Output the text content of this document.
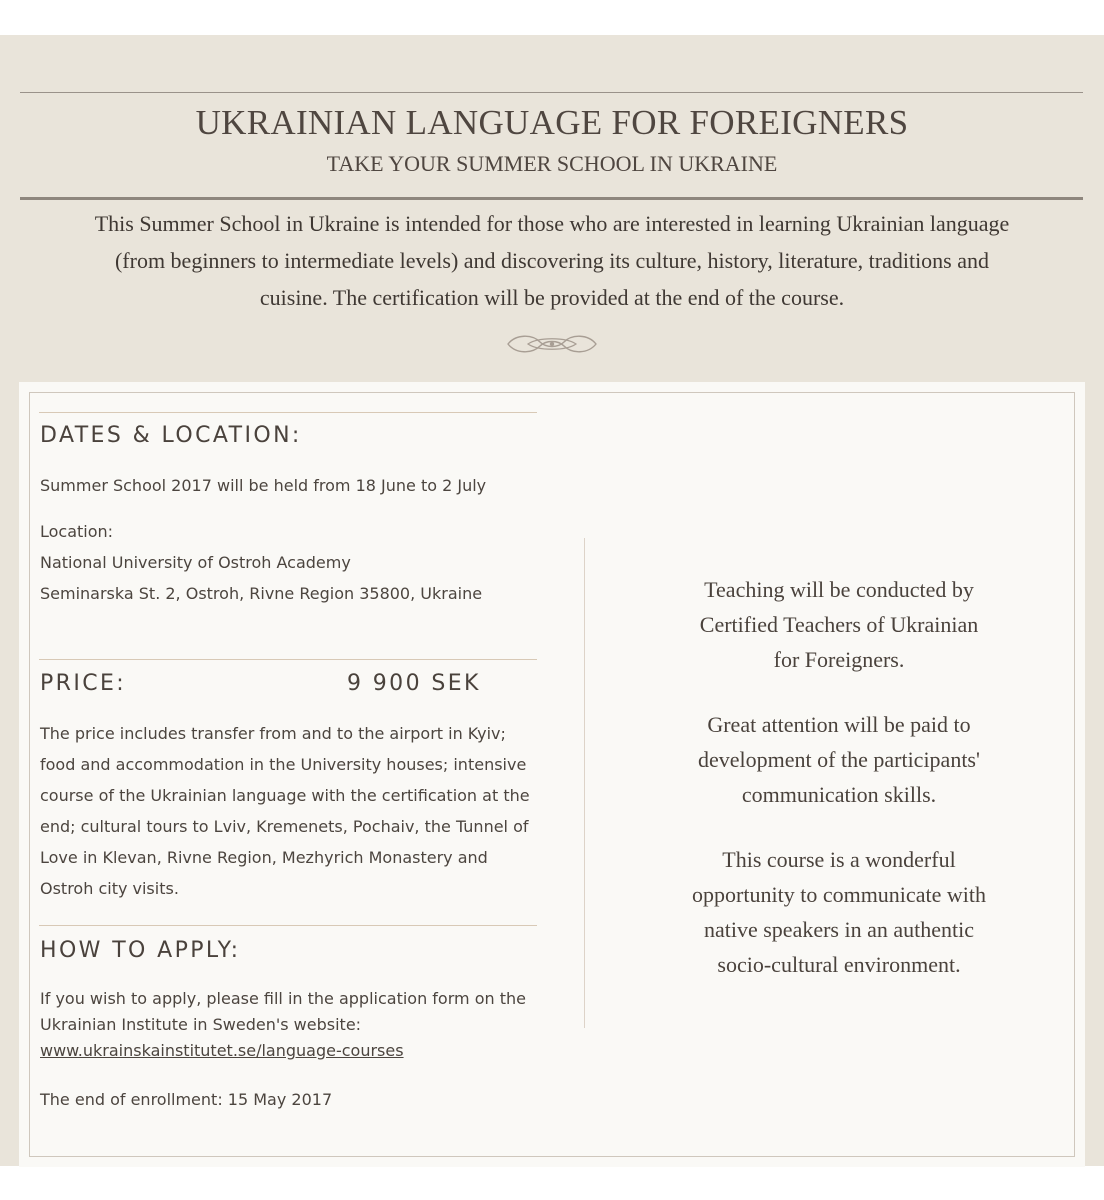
UKRAINIAN LANGUAGE FOR FOREIGNERS
TAKE YOUR SUMMER SCHOOL IN UKRAINE
This Summer School in Ukraine is intended for those who are interested in learning Ukrainian language
(from beginners to intermediate levels) and discovering its culture, history, literature, traditions and
cuisine. The certification will be provided at the end of the course.
DATES & LOCATION:
Summer School 2017 will be held from 18 June to 2 July
Location:
National University of Ostroh Academy
Seminarska St. 2, Ostroh, Rivne Region 35800, Ukraine
PRICE:	9 900 SEK
The price includes transfer from and to the airport in Kyiv;
food and accommodation in the University houses; intensive
course of the Ukrainian language with the certification at the
end; cultural tours to Lviv, Kremenets, Pochaiv, the Tunnel of
Love in Klevan, Rivne Region, Mezhyrich Monastery and
Ostroh city visits.
HOW TO APPLY:
If you wish to apply, please fill in the application form on the
Ukrainian Institute in Sweden's website:
www.ukrainskainstitutet.se/language-courses
The end of enrollment: 15 May 2017

Teaching will be conducted by
Certified Teachers of Ukrainian
for Foreigners.

Great attention will be paid to
development of the participants'
communication skills.

This course is a wonderful
opportunity to communicate with
native speakers in an authentic
socio-cultural environment.
